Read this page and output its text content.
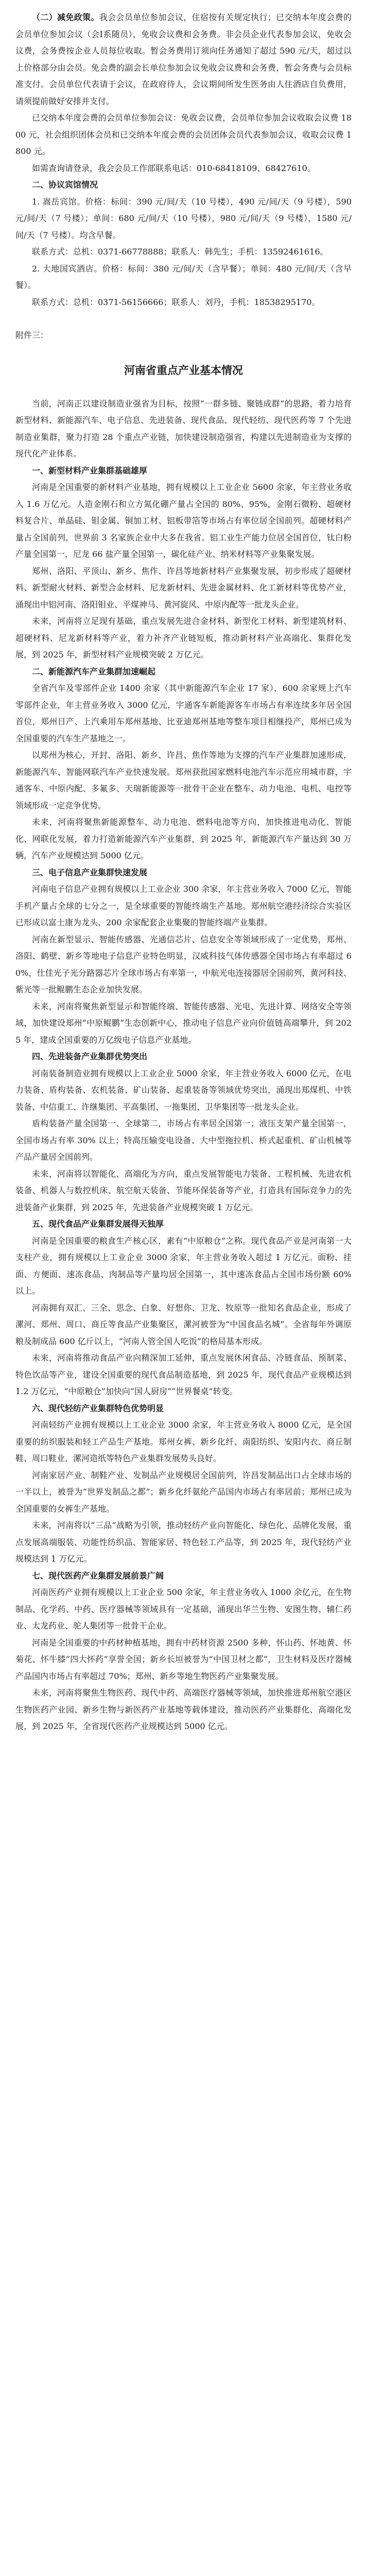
（二）减免政策。我会会员单位参加会议，住宿按有关规定执行；已交纳本年度会费的会员单位参加会议（会Ⅰ系随员），免收会议费和会务费。非会员企业代表参加会议，免收会议费，会务费按企业人员每位收取。暂会务费用订须向任务通知了超过 590 元/天，超过以上价格部分由会员。免会费的副会长单位参加会议免收会议费和会务费，暂会务费与会员标准支付。会员单位代表请于会议，在政府待人，会议期间所发生医务由人住酒店自负费用，请须提前做好安排并支付。

已交纳本年度会费的会员单位参加会议：免收会议费，会员单位参加会议收取会议费 1800 元，社会组织团体会员和已交纳本年度会费的会员团体会员代表参加会议，收取会议费 1800 元。

如需查询请登录，我会会员工作部联系电话：010-68418109、68427610。

二、协议宾馆情况

1. 嵩岳宾馆。价格：标间：390 元/间/天（10 号楼），490 元/间/天（9 号楼），590 元/间/天（7 号楼）；单间：680 元/间/天（10 号楼），980 元/间/天（9 号楼），1580 元/间/天（7 号楼）。均含早餐。

联系方式：总机：0371-66778888；联系人：韩先生；手机：13592461616。

2. 大地国宾酒店。价格：标间：380 元/间/天（含早餐）；单间：480 元/间/天（含早餐）。

联系方式：总机：0371-56156666；联系人：刘丹，手机：18538295170。

附件三：

河南省重点产业基本情况

当前，河南正以建设制造业强省为目标，按照“一群多链、聚链成群”的思路，着力培育新型材料、新能源汽车、电子信息、先进装备、现代食品、现代轻纺、现代医药等 7 个先进制造业集群，聚力打造 28 个重点产业链，加快建设制造强省，构建以先进制造业为支撑的现代化产业体系。

一、新型材料产业集群基础雄厚

河南是全国重要的新材料产业基地，拥有规模以上工业企业 5600 余家，年主营业务收入 1.6 万亿元。人造金刚石和立方氮化硼产量占全国的 80%、95%，金刚石微粉、超硬材料复合片、单晶硅、钼金属、铜加工材、铝板带箔等市场占有率位居全国前列。超硬材料产量占全国前列，世界前 3 名家族企业中大多在我省。铝工业生产能力位居全国首位，钛白粉产量全国第一，尼龙 66 盐产量全国第一，碳化硅产业、纳米材料等产业集聚发展。

郑州、洛阳、平顶山、新乡、焦作、许昌等地新材料产业集聚发展，初步形成了超硬材料、新型耐火材料、新型合金材料、尼龙新材料、先进金属材料、化工新材料等优势产业，涌现出中铝河南、洛阳钼业、平煤神马、黄河旋风、中原内配等一批龙头企业。

未来，河南将立足现有基础，重点发展先进合金材料、新型化工材料、新型建筑材料、超硬材料、尼龙新材料等产业，着力补齐产业链短板，推动新材料产业高端化、集群化发展，到 2025 年，新型材料产业规模突破 2 万亿元。

二、新能源汽车产业集群加速崛起

全省汽车及零部件企业 1400 余家（其中新能源汽车企业 17 家），600 余家规上汽车零部件企业，年主营业务收入 3000 亿元，宇通客车新能源客车市场占有率连续多年居全国首位，郑州日产、上汽乘用车郑州基地、比亚迪郑州基地等整车项目相继投产，郑州已成为全国重要的汽车生产基地之一。

以郑州为核心，开封、洛阳、新乡、许昌、焦作等地为支撑的汽车产业集群加速形成，新能源汽车、智能网联汽车产业快速发展。郑州获批国家燃料电池汽车示范应用城市群，宇通客车、中原内配、多氟多、天瑞新能源等一批骨干企业在整车、动力电池、电机、电控等领域形成一定竞争优势。

未来，河南将聚焦新能源整车、动力电池、燃料电池等方向，加快推进电动化、智能化、网联化发展，着力打造新能源汽车产业集群，到 2025 年，新能源汽车产量达到 30 万辆，汽车产业规模达到 5000 亿元。

三、电子信息产业集群快速发展

河南电子信息产业拥有规模以上工业企业 300 余家，年主营业务收入 7000 亿元，智能手机产量占全球的七分之一，是全球重要的智能终端生产基地。郑州航空港经济综合实验区已形成以富士康为龙头、200 余家配套企业集聚的智能终端产业集群。

河南在新型显示、智能传感器、光通信芯片、信息安全等领域形成了一定优势，郑州、洛阳、鹤壁、新乡等地电子信息产业特色明显，汉威科技气体传感器全国市场占有率超过 60%，仕佳光子光分路器芯片全球市场占有率第一，中航光电连接器居全国前列，黄河科技、紫光等一批鲲鹏生态企业加快发展。

未来，河南将聚焦新型显示和智能终端、智能传感器、光电、先进计算、网络安全等领域，加快建设郑州“中原鲲鹏”生态创新中心，推动电子信息产业向价值链高端攀升，到 2025 年，建成全国重要的万亿级电子信息产业基地。

四、先进装备产业集群优势突出

河南装备制造业拥有规模以上工业企业 5000 余家，年主营业务收入 6000 亿元，在电力装备、盾构装备、农机装备、矿山装备、起重装备等领域优势突出，涌现出郑煤机、中铁装备、中信重工、许继集团、平高集团、一拖集团、卫华集团等一批龙头企业。

盾构装备产量全国第一、全球第二，市场占有率居全国第一；液压支架产量全国第一，全国市场占有率 30% 以上；特高压输变电设备、大中型拖拉机、桥式起重机、矿山机械等产品产量居全国前列。

未来，河南将以智能化、高端化为方向，重点发展智能电力装备、工程机械、先进农机装备、机器人与数控机床、航空航天装备、节能环保装备等产业，打造具有国际竞争力的先进装备产业集群，到 2025 年，先进装备产业规模突破 1 万亿元。

五、现代食品产业集群发展得天独厚

河南是全国重要的粮食生产核心区，素有“中原粮仓”之称。现代食品产业是河南第一大支柱产业，拥有规模以上工业企业 3000 余家，年主营业务收入超过 1 万亿元。面粉、挂面、方便面、速冻食品、肉制品等产量均居全国第一，其中速冻食品占全国市场份额 60% 以上。

河南拥有双汇、三全、思念、白象、好想你、卫龙、牧原等一批知名食品企业，形成了漯河、郑州、周口、商丘等食品产业集聚区，漯河被誉为“中国食品名城”。全省每年外调原粮及制成品 600 亿斤以上，“河南人管全国人吃饭”的格局基本形成。

未来，河南将推动食品产业向精深加工延伸，重点发展休闲食品、冷链食品、预制菜、特色饮品等产业，建设全国重要的现代食品制造基地，到 2025 年，现代食品产业规模达到 1.2 万亿元，“中原粮仓”加快向“国人厨房”“世界餐桌”转变。

六、现代轻纺产业集群特色优势明显

河南轻纺产业拥有规模以上工业企业 3000 余家，年主营业务收入 8000 亿元，是全国重要的纺织服装和轻工产品生产基地。郑州女裤、新乡化纤、南阳纺织、安阳内衣、商丘制鞋、周口鞋业、漯河造纸等特色产业集群发展势头良好。

河南家居产业、制鞋产业、发制品产业规模居全国前列，许昌发制品出口占全球市场的一半以上，被誉为“世界发制品之都”；新乡化纤氨纶产品国内市场占有率居前；郑州已成为全国重要的女裤生产基地。

未来，河南将以“三品”战略为引领，推动轻纺产业向智能化、绿色化、品牌化发展，重点发展高端服装、功能性纺织品、智能家居、特色轻工产品等，到 2025 年，现代轻纺产业规模达到 1 万亿元。

七、现代医药产业集群发展前景广阔

河南医药产业拥有规模以上工业企业 500 余家，年主营业务收入 1000 余亿元，在生物制品、化学药、中药、医疗器械等领域具有一定基础，涌现出华兰生物、安图生物、辅仁药业、太龙药业、驼人集团等一批骨干企业。

河南是全国重要的中药材种植基地，拥有中药材资源 2500 多种，怀山药、怀地黄、怀菊花、怀牛膝“四大怀药”享誉全国；新乡长垣被誉为“中国卫材之都”，卫生材料及医疗器械产品国内市场占有率超过 70%；郑州、新乡等地生物医药产业集聚发展。

未来，河南将聚焦生物医药、现代中药、高端医疗器械等领域，加快推进郑州航空港区生物医药产业园、新乡生物与新医药产业基地等载体建设，推动医药产业集群化、高端化发展，到 2025 年，全省现代医药产业规模达到 5000 亿元。
